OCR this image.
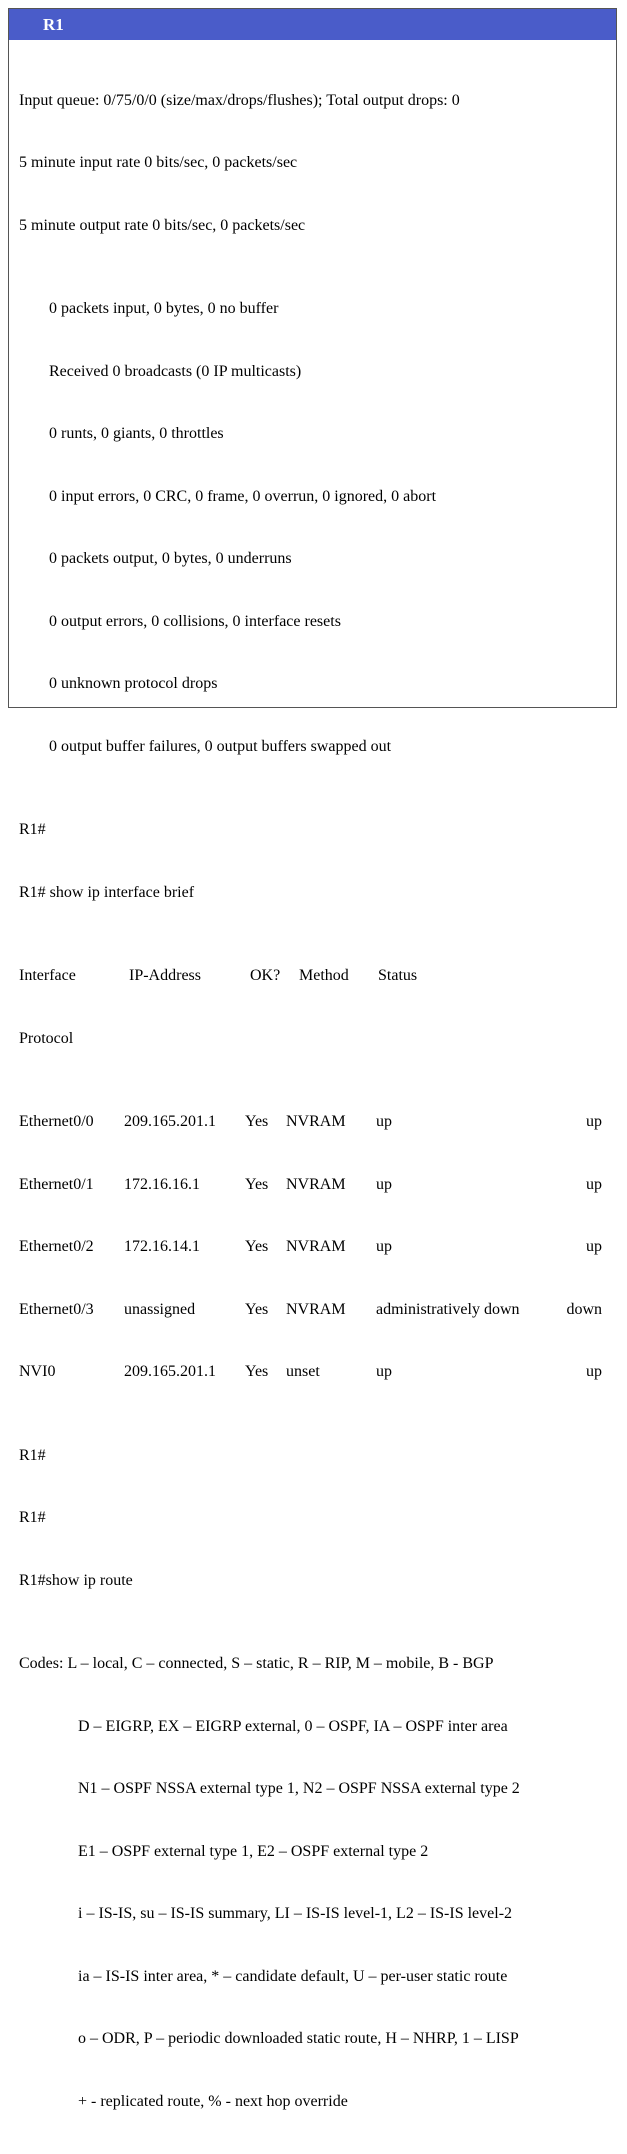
R1

Input queue: 0/75/0/0 (size/max/drops/flushes); Total output drops: 0

5 minute input rate 0 bits/sec, 0 packets/sec

5 minute output rate 0 bits/sec, 0 packets/sec

0 packets input, 0 bytes, 0 no buffer

Received 0 broadcasts (0 IP multicasts)

0 runts, 0 giants, 0 throttles

0 input errors, 0 CRC, 0 frame, 0 overrun, 0 ignored, 0 abort

0 packets output, 0 bytes, 0 underruns

0 output errors, 0 collisions, 0 interface resets

0 unknown protocol drops

0 output buffer failures, 0 output buffers swapped out

R1#

R1# show ip interface brief

Interface	IP-Address	OK? Method Status

Protocol

Ethernet0/0 209.165.201.1 Yes NVRAM up	up

Ethernet0/1 172.16.16.1	Yes NVRAM up	up

Ethernet0/2 172.16.14.1	Yes NVRAM up	up

Ethernet0/3 unassigned	Yes NVRAM administratively down	down

NVI0	209.165.201.1 Yes unset	up	up

R1#

R1#

R1#show ip route

Codes: L – local, C – connected, S – static, R – RIP, M – mobile, B - BGP

D – EIGRP, EX – EIGRP external, 0 – OSPF, IA – OSPF inter area

N1 – OSPF NSSA external type 1, N2 – OSPF NSSA external type 2

E1 – OSPF external type 1, E2 – OSPF external type 2

i – IS-IS, su – IS-IS summary, LI – IS-IS level-1, L2 – IS-IS level-2

ia – IS-IS inter area, * – candidate default, U – per-user static route

o – ODR, P – periodic downloaded static route, H – NHRP, 1 – LISP

+ - replicated route, % - next hop override
